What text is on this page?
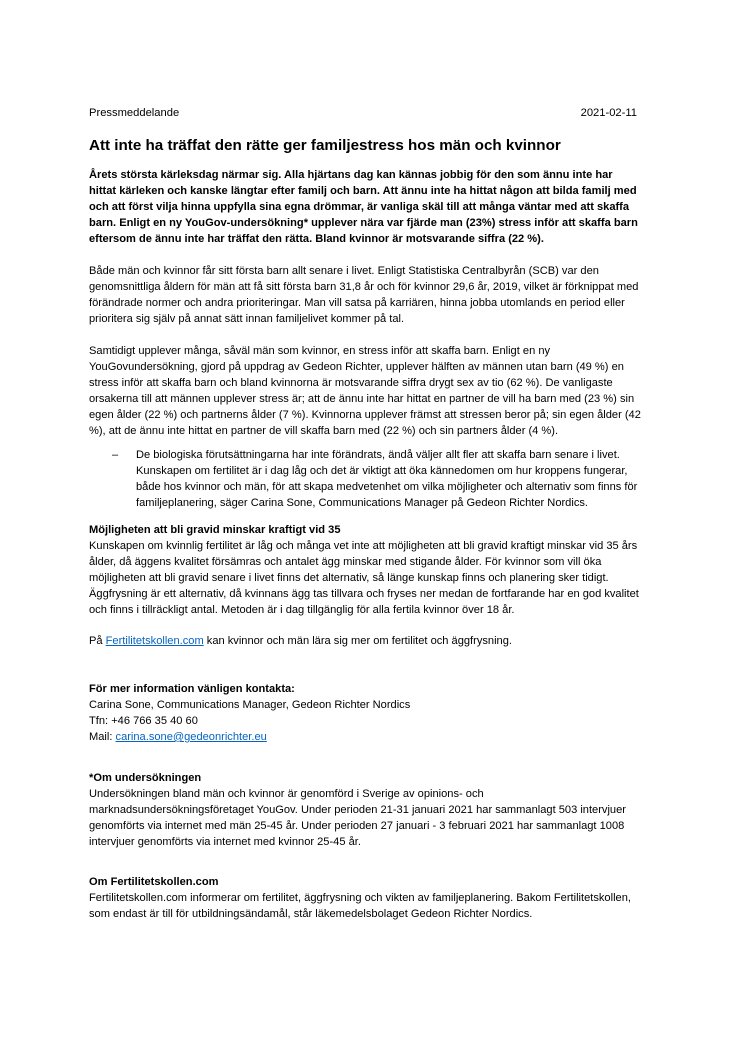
Pressmeddelande	2021-02-11
Att inte ha träffat den rätte ger familjestress hos män och kvinnor

Årets största kärleksdag närmar sig. Alla hjärtans dag kan kännas jobbig för den som ännu inte har hittat kärleken och kanske längtar efter familj och barn. Att ännu inte ha hittat någon att bilda familj med och att först vilja hinna uppfylla sina egna drömmar, är vanliga skäl till att många väntar med att skaffa barn. Enligt en ny YouGov-undersökning* upplever nära var fjärde man (23%) stress inför att skaffa barn eftersom de ännu inte har träffat den rätta. Bland kvinnor är motsvarande siffra (22 %).

Både män och kvinnor får sitt första barn allt senare i livet. Enligt Statistiska Centralbyrån (SCB) var den genomsnittliga åldern för män att få sitt första barn 31,8 år och för kvinnor 29,6 år, 2019, vilket är förknippat med förändrade normer och andra prioriteringar. Man vill satsa på karriären, hinna jobba utomlands en period eller prioritera sig själv på annat sätt innan familjelivet kommer på tal.

Samtidigt upplever många, såväl män som kvinnor, en stress inför att skaffa barn. Enligt en ny YouGovundersökning, gjord på uppdrag av Gedeon Richter, upplever hälften av männen utan barn (49 %) en stress inför att skaffa barn och bland kvinnorna är motsvarande siffra drygt sex av tio (62 %). De vanligaste orsakerna till att männen upplever stress är; att de ännu inte har hittat en partner de vill ha barn med (23 %) sin egen ålder (22 %) och partnerns ålder (7 %). Kvinnorna upplever främst att stressen beror på; sin egen ålder (42 %), att de ännu inte hittat en partner de vill skaffa barn med (22 %) och sin partners ålder (4 %).

– De biologiska förutsättningarna har inte förändrats, ändå väljer allt fler att skaffa barn senare i livet. Kunskapen om fertilitet är i dag låg och det är viktigt att öka kännedomen om hur kroppens fungerar, både hos kvinnor och män, för att skapa medvetenhet om vilka möjligheter och alternativ som finns för familjeplanering, säger Carina Sone, Communications Manager på Gedeon Richter Nordics.

Möjligheten att bli gravid minskar kraftigt vid 35

Kunskapen om kvinnlig fertilitet är låg och många vet inte att möjligheten att bli gravid kraftigt minskar vid 35 års ålder, då äggens kvalitet försämras och antalet ägg minskar med stigande ålder. För kvinnor som vill öka möjligheten att bli gravid senare i livet finns det alternativ, så länge kunskap finns och planering sker tidigt. Äggfrysning är ett alternativ, då kvinnans ägg tas tillvara och fryses ner medan de fortfarande har en god kvalitet och finns i tillräckligt antal. Metoden är i dag tillgänglig för alla fertila kvinnor över 18 år.

På Fertilitetskollen.com kan kvinnor och män lära sig mer om fertilitet och äggfrysning.

För mer information vänligen kontakta:
Carina Sone, Communications Manager, Gedeon Richter Nordics
Tfn: +46 766 35 40 60
Mail: carina.sone@gedeonrichter.eu
*Om undersökningen
Undersökningen bland män och kvinnor är genomförd i Sverige av opinions- och marknadsundersökningsföretaget YouGov. Under perioden 21-31 januari 2021 har sammanlagt 503 intervjuer genomförts via internet med män 25-45 år. Under perioden 27 januari - 3 februari 2021 har sammanlagt 1008 intervjuer genomförts via internet med kvinnor 25-45 år.
Om Fertilitetskollen.com
Fertilitetskollen.com informerar om fertilitet, äggfrysning och vikten av familjeplanering. Bakom Fertilitetskollen, som endast är till för utbildningsändamål, står läkemedelsbolaget Gedeon Richter Nordics.
